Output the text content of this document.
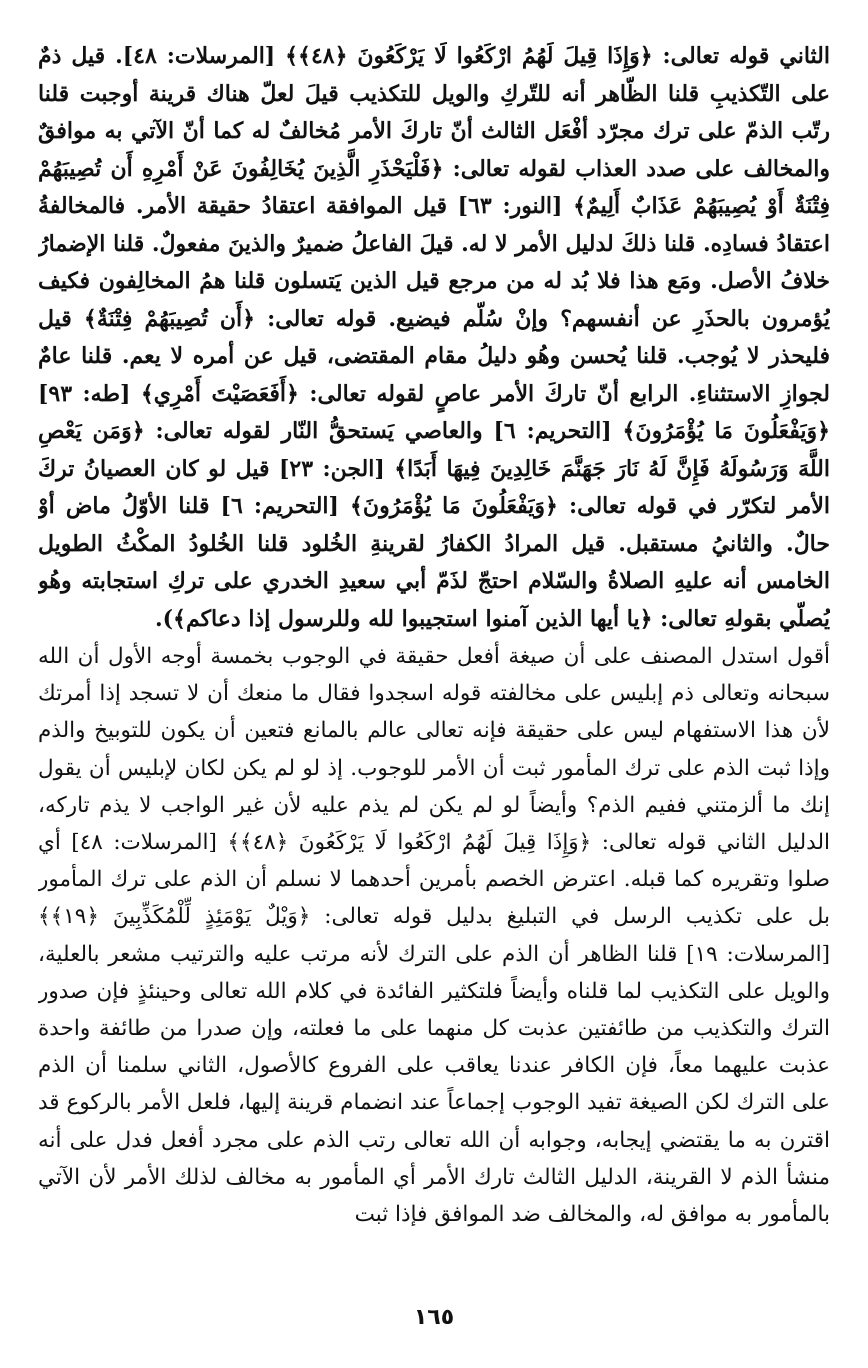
الثاني قوله تعالى: ﴿وَإِذَا قِيلَ لَهُمُ ارْكَعُوا لَا يَرْكَعُونَ ﴿٤٨﴾﴾ [المرسلات: ٤٨]. قيل ذمٌ على التّكذيبِ قلنا الظّاهر أنه للتّركِ والويل للتكذيب قيلَ لعلّ هناك قرينة أوجبت قلنا رتّب الذمّ على ترك مجرّد أفْعَل الثالث أنّ تاركَ الأمر مُخالفٌ له كما أنّ الآتي به موافقٌ والمخالف على صدد العذاب لقوله تعالى: ﴿فَلْيَحْذَرِ الَّذِينَ يُخَالِفُونَ عَنْ أَمْرِهِ أَن تُصِيبَهُمْ فِتْنَةٌ أَوْ يُصِيبَهُمْ عَذَابٌ أَلِيمٌ﴾ [النور: ٦٣] قيل الموافقة اعتقادُ حقيقة الأمر. فالمخالفةُ اعتقادُ فسادِه. قلنا ذلكَ لدليل الأمر لا له. قيلَ الفاعلُ ضميرٌ والذينَ مفعولٌ. قلنا الإضمارُ خلافُ الأصل. ومَع هذا فلا بُد له من مرجع قيل الذين يَتسلون قلنا همُ المخالِفون فكيف يُؤمرون بالحذَرِ عن أنفسهم؟ وإنْ سُلّم فيضيع. قوله تعالى: ﴿أَن تُصِيبَهُمْ فِتْنَةٌ﴾ قيل فليحذر لا يُوجب. قلنا يُحسن وهُو دليلُ مقام المقتضى، قيل عن أمره لا يعم. قلنا عامٌ لجوازِ الاستثناءِ. الرابع أنّ تاركَ الأمر عاصٍ لقوله تعالى: ﴿أَفَعَصَيْتَ أَمْرِي﴾ [طه: ٩٣] ﴿وَيَفْعَلُونَ مَا يُؤْمَرُونَ﴾ [التحريم: ٦] والعاصي يَستحقُّ النّار لقوله تعالى: ﴿وَمَن يَعْصِ اللَّهَ وَرَسُولَهُ فَإِنَّ لَهُ نَارَ جَهَنَّمَ خَالِدِينَ فِيهَا أَبَدًا﴾ [الجن: ٢٣] قيل لو كان العصيانُ تركَ الأمر لتكرّر في قوله تعالى: ﴿وَيَفْعَلُونَ مَا يُؤْمَرُونَ﴾ [التحريم: ٦] قلنا الأوّلُ ماض أوْ حالٌ. والثانيُ مستقبل. قيل المرادُ الكفارُ لقرينةِ الخُلود قلنا الخُلودُ المكْثُ الطويل الخامس أنه عليهِ الصلاةُ والسّلام احتجّ لذَمّ أبي سعيدِ الخدري على تركِ استجابته وهُو يُصلّي بقولهِ تعالى: ﴿يا أيها الذين آمنوا استجيبوا لله وللرسول إذا دعاكم﴾).

أقول استدل المصنف على أن صيغة أفعل حقيقة في الوجوب بخمسة أوجه الأول أن الله سبحانه وتعالى ذم إبليس على مخالفته قوله اسجدوا فقال ما منعك أن لا تسجد إذا أمرتك لأن هذا الاستفهام ليس على حقيقة فإنه تعالى عالم بالمانع فتعين أن يكون للتوبيخ والذم وإذا ثبت الذم على ترك المأمور ثبت أن الأمر للوجوب. إذ لو لم يكن لكان لإبليس أن يقول إنك ما ألزمتني ففيم الذم؟ وأيضاً لو لم يكن لم يذم عليه لأن غير الواجب لا يذم تاركه، الدليل الثاني قوله تعالى: ﴿وَإِذَا قِيلَ لَهُمُ ارْكَعُوا لَا يَرْكَعُونَ ﴿٤٨﴾﴾ [المرسلات: ٤٨] أي صلوا وتقريره كما قبله. اعترض الخصم بأمرين أحدهما لا نسلم أن الذم على ترك المأمور بل على تكذيب الرسل في التبليغ بدليل قوله تعالى: ﴿وَيْلٌ يَوْمَئِذٍ لِّلْمُكَذِّبِينَ ﴿١٩﴾﴾ [المرسلات: ١٩] قلنا الظاهر أن الذم على الترك لأنه مرتب عليه والترتيب مشعر بالعلية، والويل على التكذيب لما قلناه وأيضاً فلتكثير الفائدة في كلام الله تعالى وحينئذٍ فإن صدور الترك والتكذيب من طائفتين عذبت كل منهما على ما فعلته، وإن صدرا من طائفة واحدة عذبت عليهما معاً، فإن الكافر عندنا يعاقب على الفروع كالأصول، الثاني سلمنا أن الذم على الترك لكن الصيغة تفيد الوجوب إجماعاً عند انضمام قرينة إليها، فلعل الأمر بالركوع قد اقترن به ما يقتضي إيجابه، وجوابه أن الله تعالى رتب الذم على مجرد أفعل فدل على أنه منشأ الذم لا القرينة، الدليل الثالث تارك الأمر أي المأمور به مخالف لذلك الأمر لأن الآتي بالمأمور به موافق له، والمخالف ضد الموافق فإذا ثبت

١٦٥
